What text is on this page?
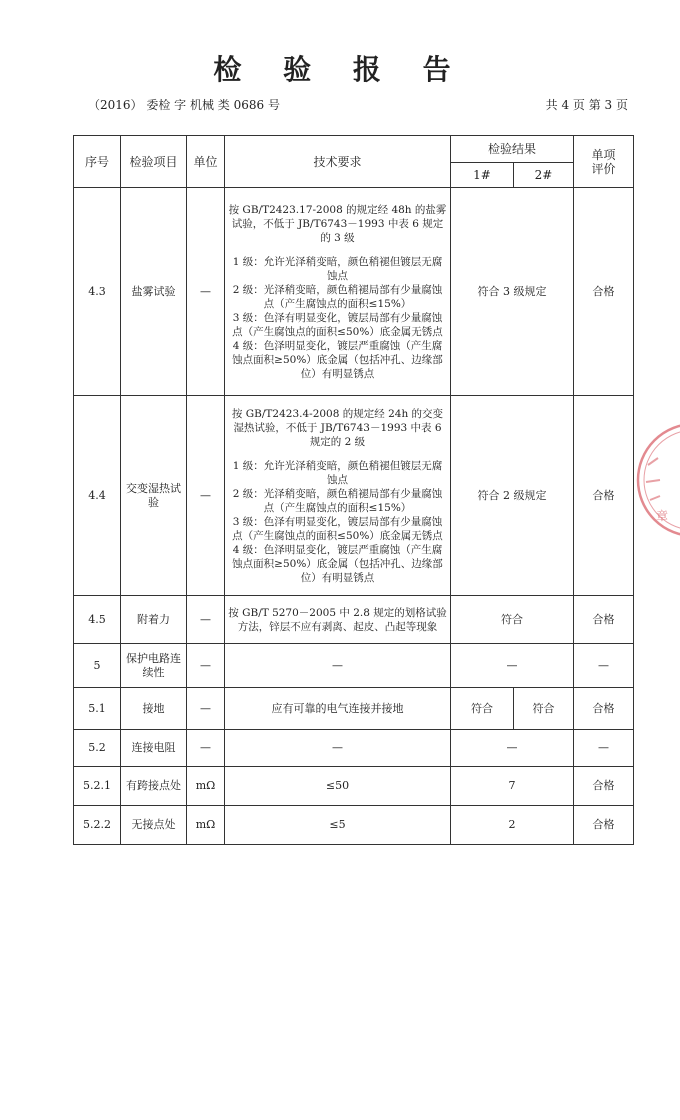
检 验 报 告
（2016） 委检 字 机械 类 0686 号	共 4 页 第 3 页
序号	检验项目	单位	技术要求	检验结果		单项
评价
				1#	2#	
4.3	盐雾试验	—	按 GB/T2423.17-2008 的规定经 48h 的盐雾试验，不低于 JB/T6743－1993 中表 6 规定的 3 级
1 级：允许光泽稍变暗，颜色稍褪但镀层无腐蚀点
2 级：光泽稍变暗，颜色稍褪局部有少量腐蚀点（产生腐蚀点的面积≤15%）
3 级：色泽有明显变化，镀层局部有少量腐蚀点（产生腐蚀点的面积≤50%）底金属无锈点
4 级：色泽明显变化，镀层严重腐蚀（产生腐蚀点面积≥50%）底金属（包括冲孔、边缘部位）有明显锈点	符合 3 级规定		合格
4.4	交变湿热试验	—	按 GB/T2423.4-2008 的规定经 24h 的交变湿热试验，不低于 JB/T6743－1993 中表 6 规定的 2 级
1 级：允许光泽稍变暗，颜色稍褪但镀层无腐蚀点
2 级：光泽稍变暗，颜色稍褪局部有少量腐蚀点（产生腐蚀点的面积≤15%）
3 级：色泽有明显变化，镀层局部有少量腐蚀点（产生腐蚀点的面积≤50%）底金属无锈点
4 级：色泽明显变化，镀层严重腐蚀（产生腐蚀点面积≥50%）底金属（包括冲孔、边缘部位）有明显锈点	符合 2 级规定		合格
4.5	附着力	—	按 GB/T 5270－2005 中 2.8 规定的划格试验方法，锌层不应有剥离、起皮、凸起等现象	符合		合格
5	保护电路连续性	—	—	—		—
5.1	接地	—	应有可靠的电气连接并接地	符合	符合	合格
5.2	连接电阻	—	—	—		—
5.2.1	有跨接点处	mΩ	≤50	7		合格
5.2.2	无接点处	mΩ	≤5	2		合格
章
